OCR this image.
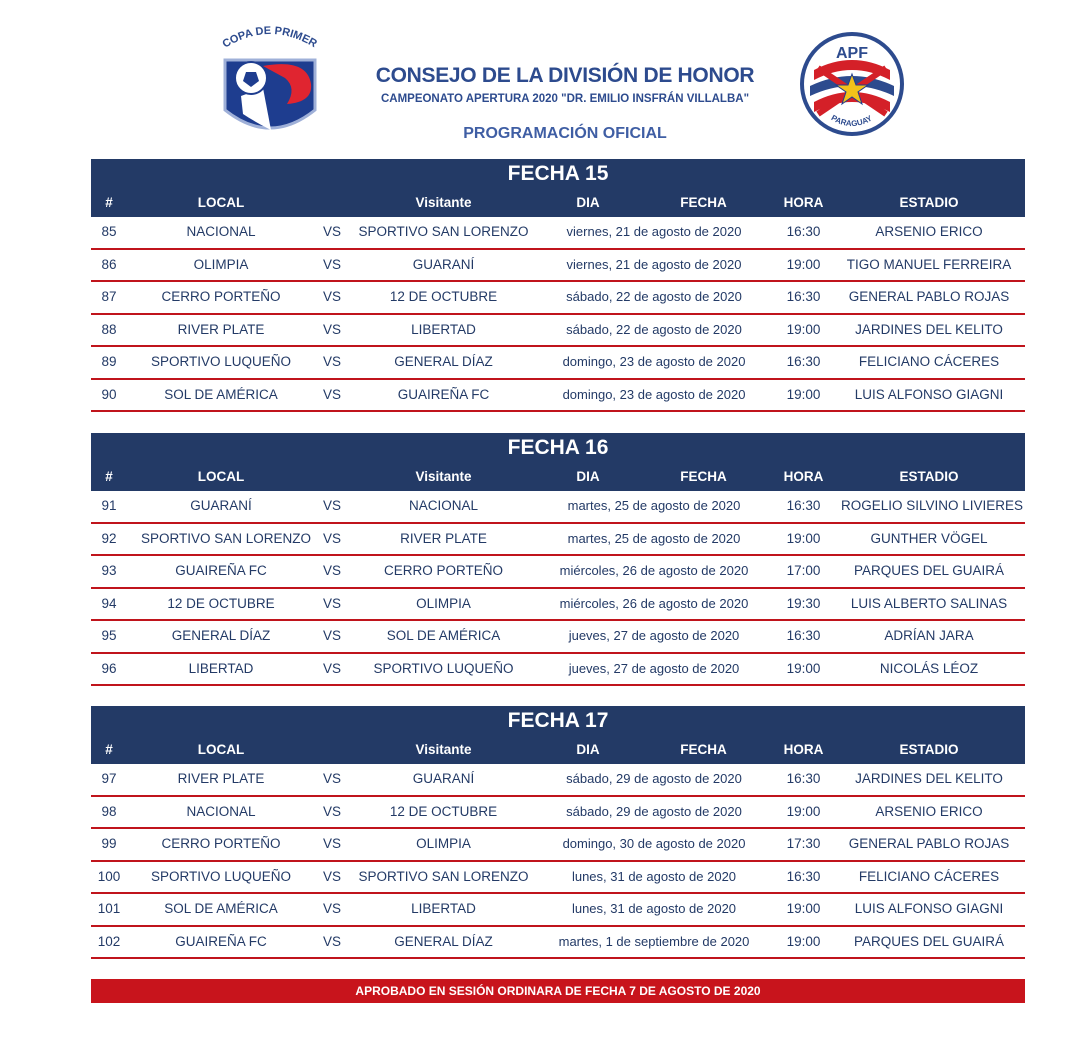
COPA DE PRIMER
APF
PARAGUAY
CONSEJO DE LA DIVISIÓN DE HONOR
CAMPEONATO APERTURA 2020 "DR. EMILIO INSFRÁN VILLALBA"
PROGRAMACIÓN OFICIAL
FECHA 15
#	LOCAL	Visitante	DIA	FECHA	HORA	ESTADIO
85	NACIONAL	VS	SPORTIVO SAN LORENZO	viernes, 21 de agosto de 2020	16:30	ARSENIO ERICO
86	OLIMPIA	VS	GUARANÍ	viernes, 21 de agosto de 2020	19:00	TIGO MANUEL FERREIRA
87	CERRO PORTEÑO	VS	12 DE OCTUBRE	sábado, 22 de agosto de 2020	16:30	GENERAL PABLO ROJAS
88	RIVER PLATE	VS	LIBERTAD	sábado, 22 de agosto de 2020	19:00	JARDINES DEL KELITO
89	SPORTIVO LUQUEÑO	VS	GENERAL DÍAZ	domingo, 23 de agosto de 2020	16:30	FELICIANO CÁCERES
90	SOL DE AMÉRICA	VS	GUAIREÑA FC	domingo, 23 de agosto de 2020	19:00	LUIS ALFONSO GIAGNI
FECHA 16
#	LOCAL	Visitante	DIA	FECHA	HORA	ESTADIO
91	GUARANÍ	VS	NACIONAL	martes, 25 de agosto de 2020	16:30	ROGELIO SILVINO LIVIERES
92	SPORTIVO SAN LORENZO VS	RIVER PLATE	martes, 25 de agosto de 2020	19:00	GUNTHER VÖGEL
93	GUAIREÑA FC	VS	CERRO PORTEÑO	miércoles, 26 de agosto de 2020	17:00	PARQUES DEL GUAIRÁ
94	12 DE OCTUBRE	VS	OLIMPIA	miércoles, 26 de agosto de 2020	19:30	LUIS ALBERTO SALINAS
95	GENERAL DÍAZ	VS	SOL DE AMÉRICA	jueves, 27 de agosto de 2020	16:30	ADRÍAN JARA
96	LIBERTAD	VS	SPORTIVO LUQUEÑO	jueves, 27 de agosto de 2020	19:00	NICOLÁS LÉOZ
FECHA 17
#	LOCAL	Visitante	DIA	FECHA	HORA	ESTADIO
97	RIVER PLATE	VS	GUARANÍ	sábado, 29 de agosto de 2020	16:30	JARDINES DEL KELITO
98	NACIONAL	VS	12 DE OCTUBRE	sábado, 29 de agosto de 2020	19:00	ARSENIO ERICO
99	CERRO PORTEÑO	VS	OLIMPIA	domingo, 30 de agosto de 2020	17:30	GENERAL PABLO ROJAS
100	SPORTIVO LUQUEÑO	VS	SPORTIVO SAN LORENZO	lunes, 31 de agosto de 2020	16:30	FELICIANO CÁCERES
101	SOL DE AMÉRICA	VS	LIBERTAD	lunes, 31 de agosto de 2020	19:00	LUIS ALFONSO GIAGNI
102	GUAIREÑA FC	VS	GENERAL DÍAZ	martes, 1 de septiembre de 2020	19:00	PARQUES DEL GUAIRÁ
APROBADO EN SESIÓN ORDINARA DE FECHA 7 DE AGOSTO DE 2020
